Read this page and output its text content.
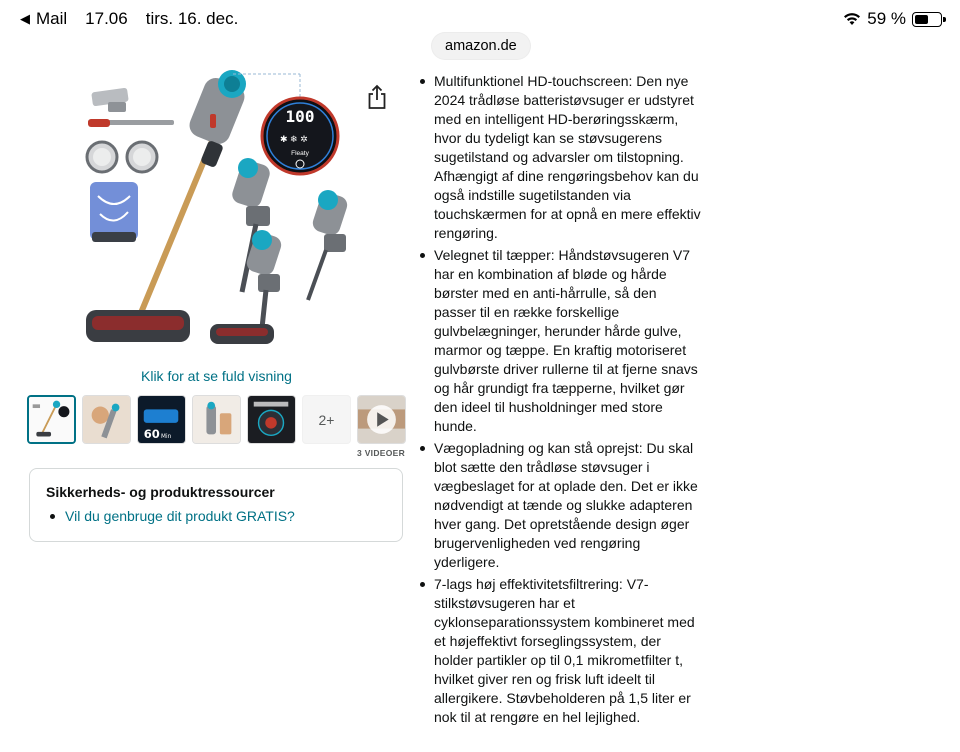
◀ Mail 17.06 tirs. 16. dec.	59 %
amazon.de
100
✱ ❄ ✲
Fleaty
Klik for at se fuld visning
60 Min
2+
3 VIDEOER
Sikkerheds- og produktressourcer
Vil du genbruge dit produkt GRATIS?
Multifunktionel HD-touchscreen: Den nye 2024 trådløse batteristøvsuger er udstyret med en intelligent HD-berøringsskærm, hvor du tydeligt kan se støvsugerens sugetilstand og advarsler om tilstopning. Afhængigt af dine rengøringsbehov kan du også indstille sugetilstanden via touchskærmen for at opnå en mere effektiv rengøring.
Velegnet til tæpper: Håndstøvsugeren V7 har en kombination af bløde og hårde børster med en anti-hårrulle, så den passer til en række forskellige gulvbelægninger, herunder hårde gulve, marmor og tæppe. En kraftig motoriseret gulvbørste driver rullerne til at fjerne snavs og hår grundigt fra tæpperne, hvilket gør den ideel til husholdninger med store hunde.
Vægopladning og kan stå oprejst: Du skal blot sætte den trådløse støvsuger i vægbeslaget for at oplade den. Det er ikke nødvendigt at tænde og slukke adapteren hver gang. Det opretstående design øger brugervenligheden ved rengøring yderligere.
7-lags høj effektivitetsfiltrering: V7-stilkstøvsugeren har et cyklonseparationssystem kombineret med et højeffektivt forseglingssystem, der holder partikler op til 0,1 mikrometfilter t, hvilket giver ren og frisk luft ideelt til allergikere. Støvbeholderen på 1,5 liter er nok til at rengøre en hel lejlighed.
